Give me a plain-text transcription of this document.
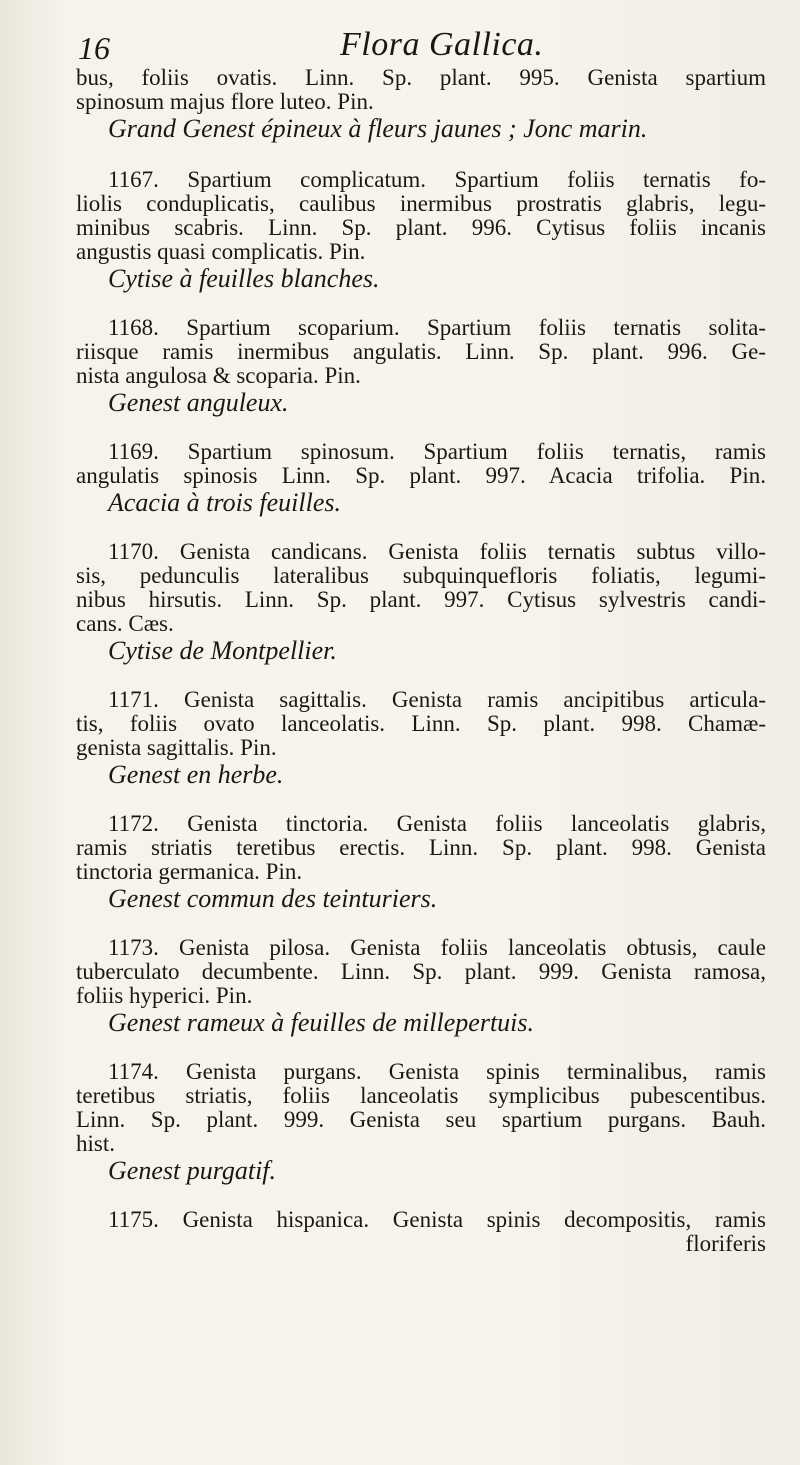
16	Flora Gallica.
bus, foliis ovatis. Linn. Sp. plant. 995. Genista spartium
spinosum majus flore luteo. Pin.
Grand Genest épineux à fleurs jaunes ; Jonc marin.
1167. Spartium complicatum. Spartium foliis ternatis fo-
liolis conduplicatis, caulibus inermibus prostratis glabris, legu-
minibus scabris. Linn. Sp. plant. 996. Cytisus foliis incanis
angustis quasi complicatis. Pin.
Cytise à feuilles blanches.
1168. Spartium scoparium. Spartium foliis ternatis solita-
riisque ramis inermibus angulatis. Linn. Sp. plant. 996. Ge-
nista angulosa & scoparia. Pin.
Genest anguleux.
1169. Spartium spinosum. Spartium foliis ternatis, ramis
angulatis spinosis Linn. Sp. plant. 997. Acacia trifolia. Pin.
Acacia à trois feuilles.
1170. Genista candicans. Genista foliis ternatis subtus villo-
sis, pedunculis lateralibus subquinquefloris foliatis, legumi-
nibus hirsutis. Linn. Sp. plant. 997. Cytisus sylvestris candi-
cans. Cæs.
Cytise de Montpellier.
1171. Genista sagittalis. Genista ramis ancipitibus articula-
tis, foliis ovato lanceolatis. Linn. Sp. plant. 998. Chamæ-
genista sagittalis. Pin.
Genest en herbe.
1172. Genista tinctoria. Genista foliis lanceolatis glabris,
ramis striatis teretibus erectis. Linn. Sp. plant. 998. Genista
tinctoria germanica. Pin.
Genest commun des teinturiers.
1173. Genista pilosa. Genista foliis lanceolatis obtusis, caule
tuberculato decumbente. Linn. Sp. plant. 999. Genista ramosa,
foliis hyperici. Pin.
Genest rameux à feuilles de millepertuis.
1174. Genista purgans. Genista spinis terminalibus, ramis
teretibus striatis, foliis lanceolatis symplicibus pubescentibus.
Linn. Sp. plant. 999. Genista seu spartium purgans. Bauh.
hist.
Genest purgatif.
1175. Genista hispanica. Genista spinis decompositis, ramis
floriferis
